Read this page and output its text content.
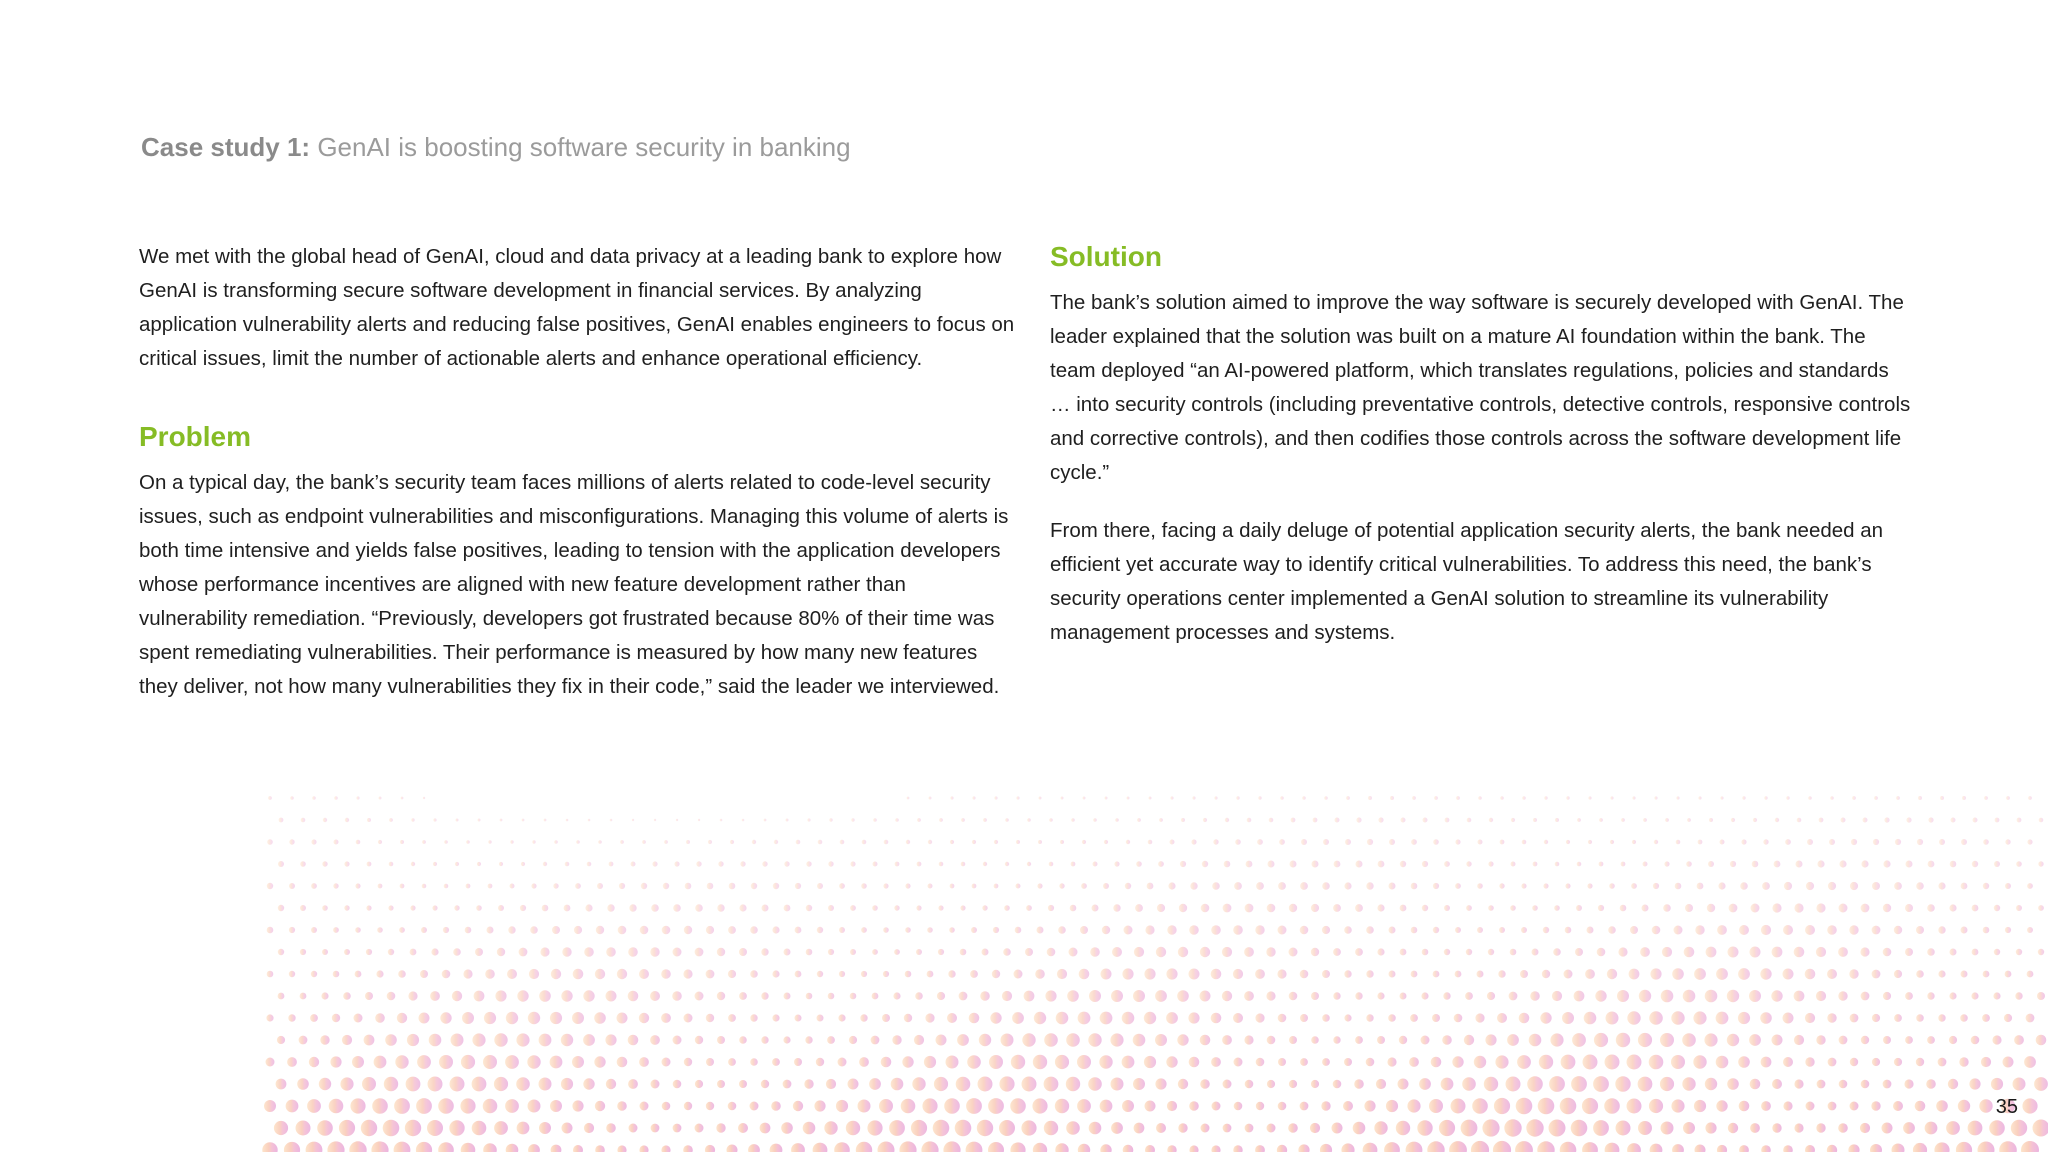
Case study 1: GenAI is boosting software security in banking

We met with the global head of GenAI, cloud and data privacy at a leading bank to explore how GenAI is transforming secure software development in financial services. By analyzing application vulnerability alerts and reducing false positives, GenAI enables engineers to focus on critical issues, limit the number of actionable alerts and enhance operational efficiency.

Problem

On a typical day, the bank’s security team faces millions of alerts related to code-level security issues, such as endpoint vulnerabilities and misconfigurations. Managing this volume of alerts is both time intensive and yields false positives, leading to tension with the application developers whose performance incentives are aligned with new feature development rather than vulnerability remediation. “Previously, developers got frustrated because 80% of their time was spent remediating vulnerabilities. Their performance is measured by how many new features they deliver, not how many vulnerabilities they fix in their code,” said the leader we interviewed.

Solution

The bank’s solution aimed to improve the way software is securely developed with GenAI. The leader explained that the solution was built on a mature AI foundation within the bank. The team deployed “an AI-powered platform, which translates regulations, policies and standards … into security controls (including preventative controls, detective controls, responsive controls and corrective controls), and then codifies those controls across the software development life cycle.”

From there, facing a daily deluge of potential application security alerts, the bank needed an efficient yet accurate way to identify critical vulnerabilities. To address this need, the bank’s security operations center implemented a GenAI solution to streamline its vulnerability management processes and systems.

35
